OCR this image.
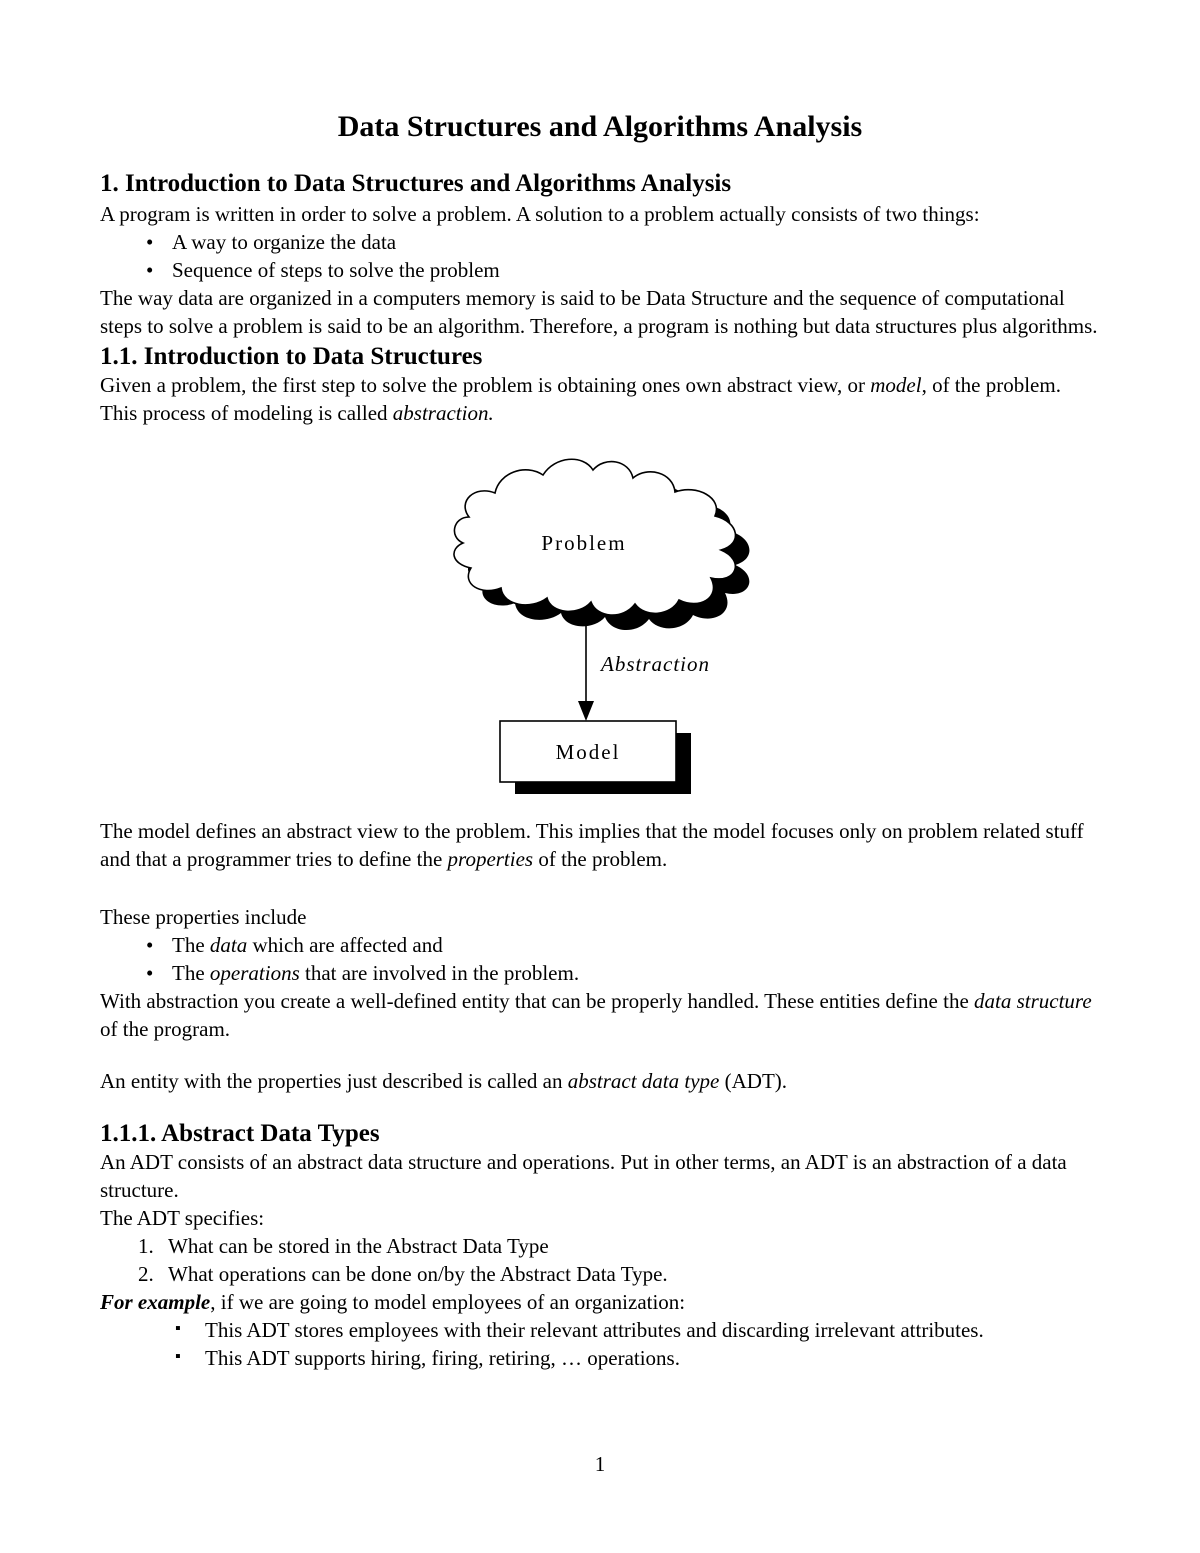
Data Structures and Algorithms Analysis
1. Introduction to Data Structures and Algorithms Analysis

A program is written in order to solve a problem. A solution to a problem actually consists of two things:

• A way to organize the data
• Sequence of steps to solve the problem

The way data are organized in a computers memory is said to be Data Structure and the sequence of computational steps to solve a problem is said to be an algorithm. Therefore, a program is nothing but data structures plus algorithms.

1.1. Introduction to Data Structures

Given a problem, the first step to solve the problem is obtaining ones own abstract view, or model, of the problem. This process of modeling is called abstraction.

Problem
Abstraction
Model

The model defines an abstract view to the problem. This implies that the model focuses only on problem related stuff and that a programmer tries to define the properties of the problem.

These properties include

• The data which are affected and
• The operations that are involved in the problem.

With abstraction you create a well-defined entity that can be properly handled. These entities define the data structure of the program.

An entity with the properties just described is called an abstract data type (ADT).

1.1.1. Abstract Data Types

An ADT consists of an abstract data structure and operations. Put in other terms, an ADT is an abstraction of a data structure.

The ADT specifies:

1. What can be stored in the Abstract Data Type
2. What operations can be done on/by the Abstract Data Type.

For example, if we are going to model employees of an organization:

▪ This ADT stores employees with their relevant attributes and discarding irrelevant attributes.
▪ This ADT supports hiring, firing, retiring, … operations.
1
